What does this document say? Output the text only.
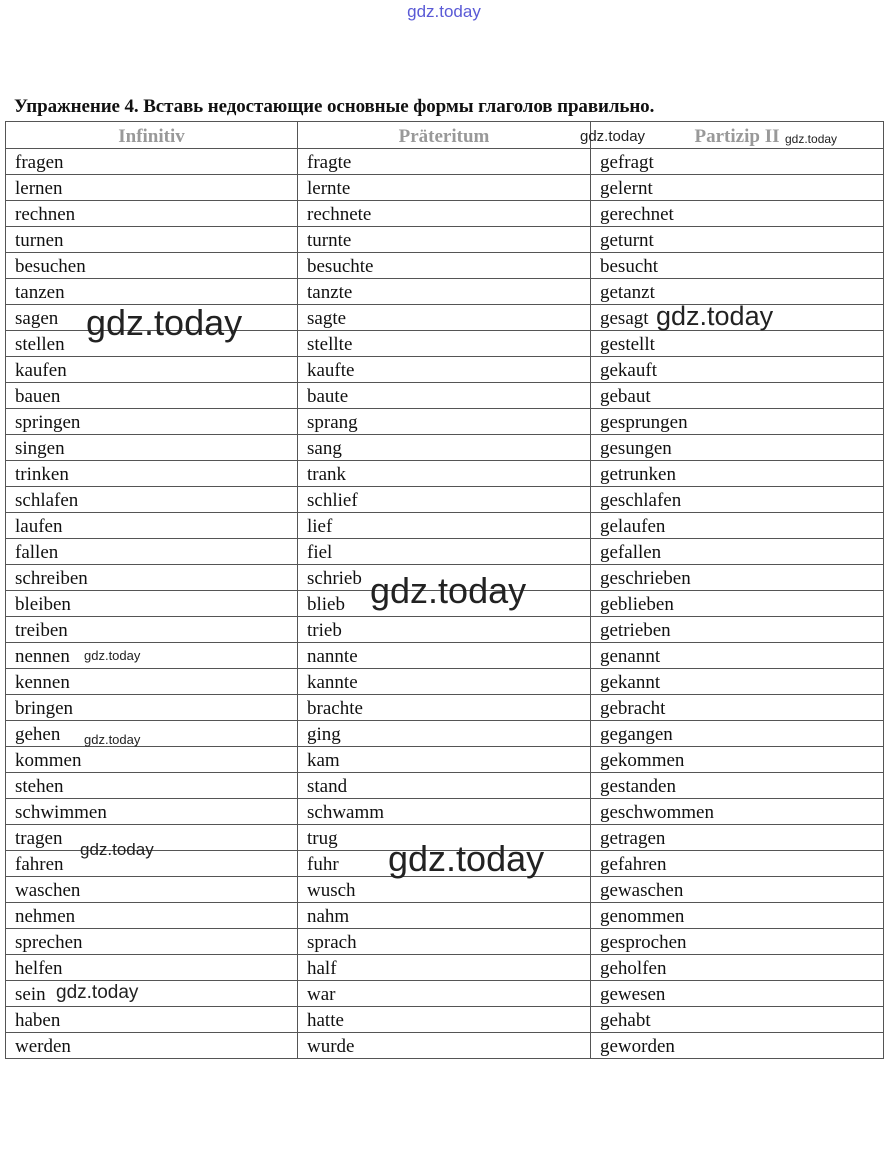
gdz.today
Упражнение 4. Вставь недостающие основные формы глаголов правильно.
Infinitiv	Präteritum	Partizip II
fragen	fragte	gefragt
lernen	lernte	gelernt
rechnen	rechnete	gerechnet
turnen	turnte	geturnt
besuchen	besuchte	besucht
tanzen	tanzte	getanzt
sagen	sagte	gesagt
stellen	stellte	gestellt
kaufen	kaufte	gekauft
bauen	baute	gebaut
springen	sprang	gesprungen
singen	sang	gesungen
trinken	trank	getrunken
schlafen	schlief	geschlafen
laufen	lief	gelaufen
fallen	fiel	gefallen
schreiben	schrieb	geschrieben
bleiben	blieb	geblieben
treiben	trieb	getrieben
nennen	nannte	genannt
kennen	kannte	gekannt
bringen	brachte	gebracht
gehen	ging	gegangen
kommen	kam	gekommen
stehen	stand	gestanden
schwimmen	schwamm	geschwommen
tragen	trug	getragen
fahren	fuhr	gefahren
waschen	wusch	gewaschen
nehmen	nahm	genommen
sprechen	sprach	gesprochen
helfen	half	geholfen
sein	war	gewesen
haben	hatte	gehabt
werden	wurde	geworden
gdz.today	gdz.today
gdz.today	gdz.today
gdz.today
gdz.today
gdz.today
gdz.today	gdz.today
gdz.today
